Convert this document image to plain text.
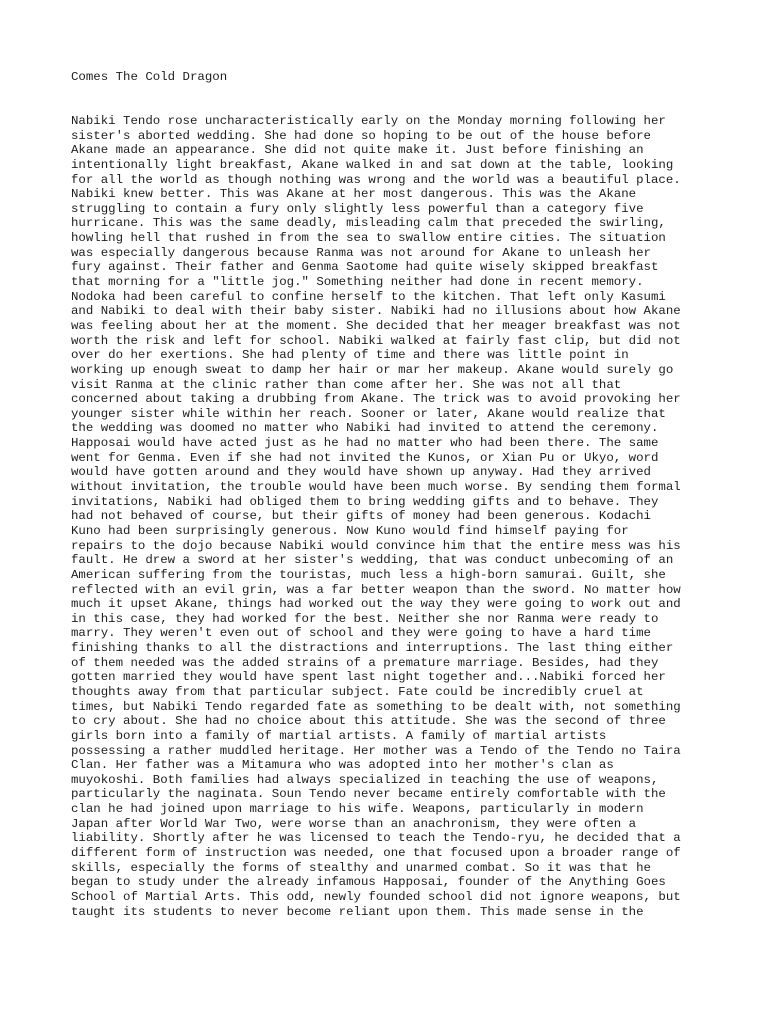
Comes The Cold Dragon
Nabiki Tendo rose uncharacteristically early on the Monday morning following her
sister's aborted wedding. She had done so hoping to be out of the house before
Akane made an appearance. She did not quite make it. Just before finishing an
intentionally light breakfast, Akane walked in and sat down at the table, looking
for all the world as though nothing was wrong and the world was a beautiful place.
Nabiki knew better. This was Akane at her most dangerous. This was the Akane
struggling to contain a fury only slightly less powerful than a category five
hurricane. This was the same deadly, misleading calm that preceded the swirling,
howling hell that rushed in from the sea to swallow entire cities. The situation
was especially dangerous because Ranma was not around for Akane to unleash her
fury against. Their father and Genma Saotome had quite wisely skipped breakfast
that morning for a "little jog." Something neither had done in recent memory.
Nodoka had been careful to confine herself to the kitchen. That left only Kasumi
and Nabiki to deal with their baby sister. Nabiki had no illusions about how Akane
was feeling about her at the moment. She decided that her meager breakfast was not
worth the risk and left for school. Nabiki walked at fairly fast clip, but did not
over do her exertions. She had plenty of time and there was little point in
working up enough sweat to damp her hair or mar her makeup. Akane would surely go
visit Ranma at the clinic rather than come after her. She was not all that
concerned about taking a drubbing from Akane. The trick was to avoid provoking her
younger sister while within her reach. Sooner or later, Akane would realize that
the wedding was doomed no matter who Nabiki had invited to attend the ceremony.
Happosai would have acted just as he had no matter who had been there. The same
went for Genma. Even if she had not invited the Kunos, or Xian Pu or Ukyo, word
would have gotten around and they would have shown up anyway. Had they arrived
without invitation, the trouble would have been much worse. By sending them formal
invitations, Nabiki had obliged them to bring wedding gifts and to behave. They
had not behaved of course, but their gifts of money had been generous. Kodachi
Kuno had been surprisingly generous. Now Kuno would find himself paying for
repairs to the dojo because Nabiki would convince him that the entire mess was his
fault. He drew a sword at her sister's wedding, that was conduct unbecoming of an
American suffering from the touristas, much less a high-born samurai. Guilt, she
reflected with an evil grin, was a far better weapon than the sword. No matter how
much it upset Akane, things had worked out the way they were going to work out and
in this case, they had worked for the best. Neither she nor Ranma were ready to
marry. They weren't even out of school and they were going to have a hard time
finishing thanks to all the distractions and interruptions. The last thing either
of them needed was the added strains of a premature marriage. Besides, had they
gotten married they would have spent last night together and...Nabiki forced her
thoughts away from that particular subject. Fate could be incredibly cruel at
times, but Nabiki Tendo regarded fate as something to be dealt with, not something
to cry about. She had no choice about this attitude. She was the second of three
girls born into a family of martial artists. A family of martial artists
possessing a rather muddled heritage. Her mother was a Tendo of the Tendo no Taira
Clan. Her father was a Mitamura who was adopted into her mother's clan as
muyokoshi. Both families had always specialized in teaching the use of weapons,
particularly the naginata. Soun Tendo never became entirely comfortable with the
clan he had joined upon marriage to his wife. Weapons, particularly in modern
Japan after World War Two, were worse than an anachronism, they were often a
liability. Shortly after he was licensed to teach the Tendo-ryu, he decided that a
different form of instruction was needed, one that focused upon a broader range of
skills, especially the forms of stealthy and unarmed combat. So it was that he
began to study under the already infamous Happosai, founder of the Anything Goes
School of Martial Arts. This odd, newly founded school did not ignore weapons, but
taught its students to never become reliant upon them. This made sense in the
